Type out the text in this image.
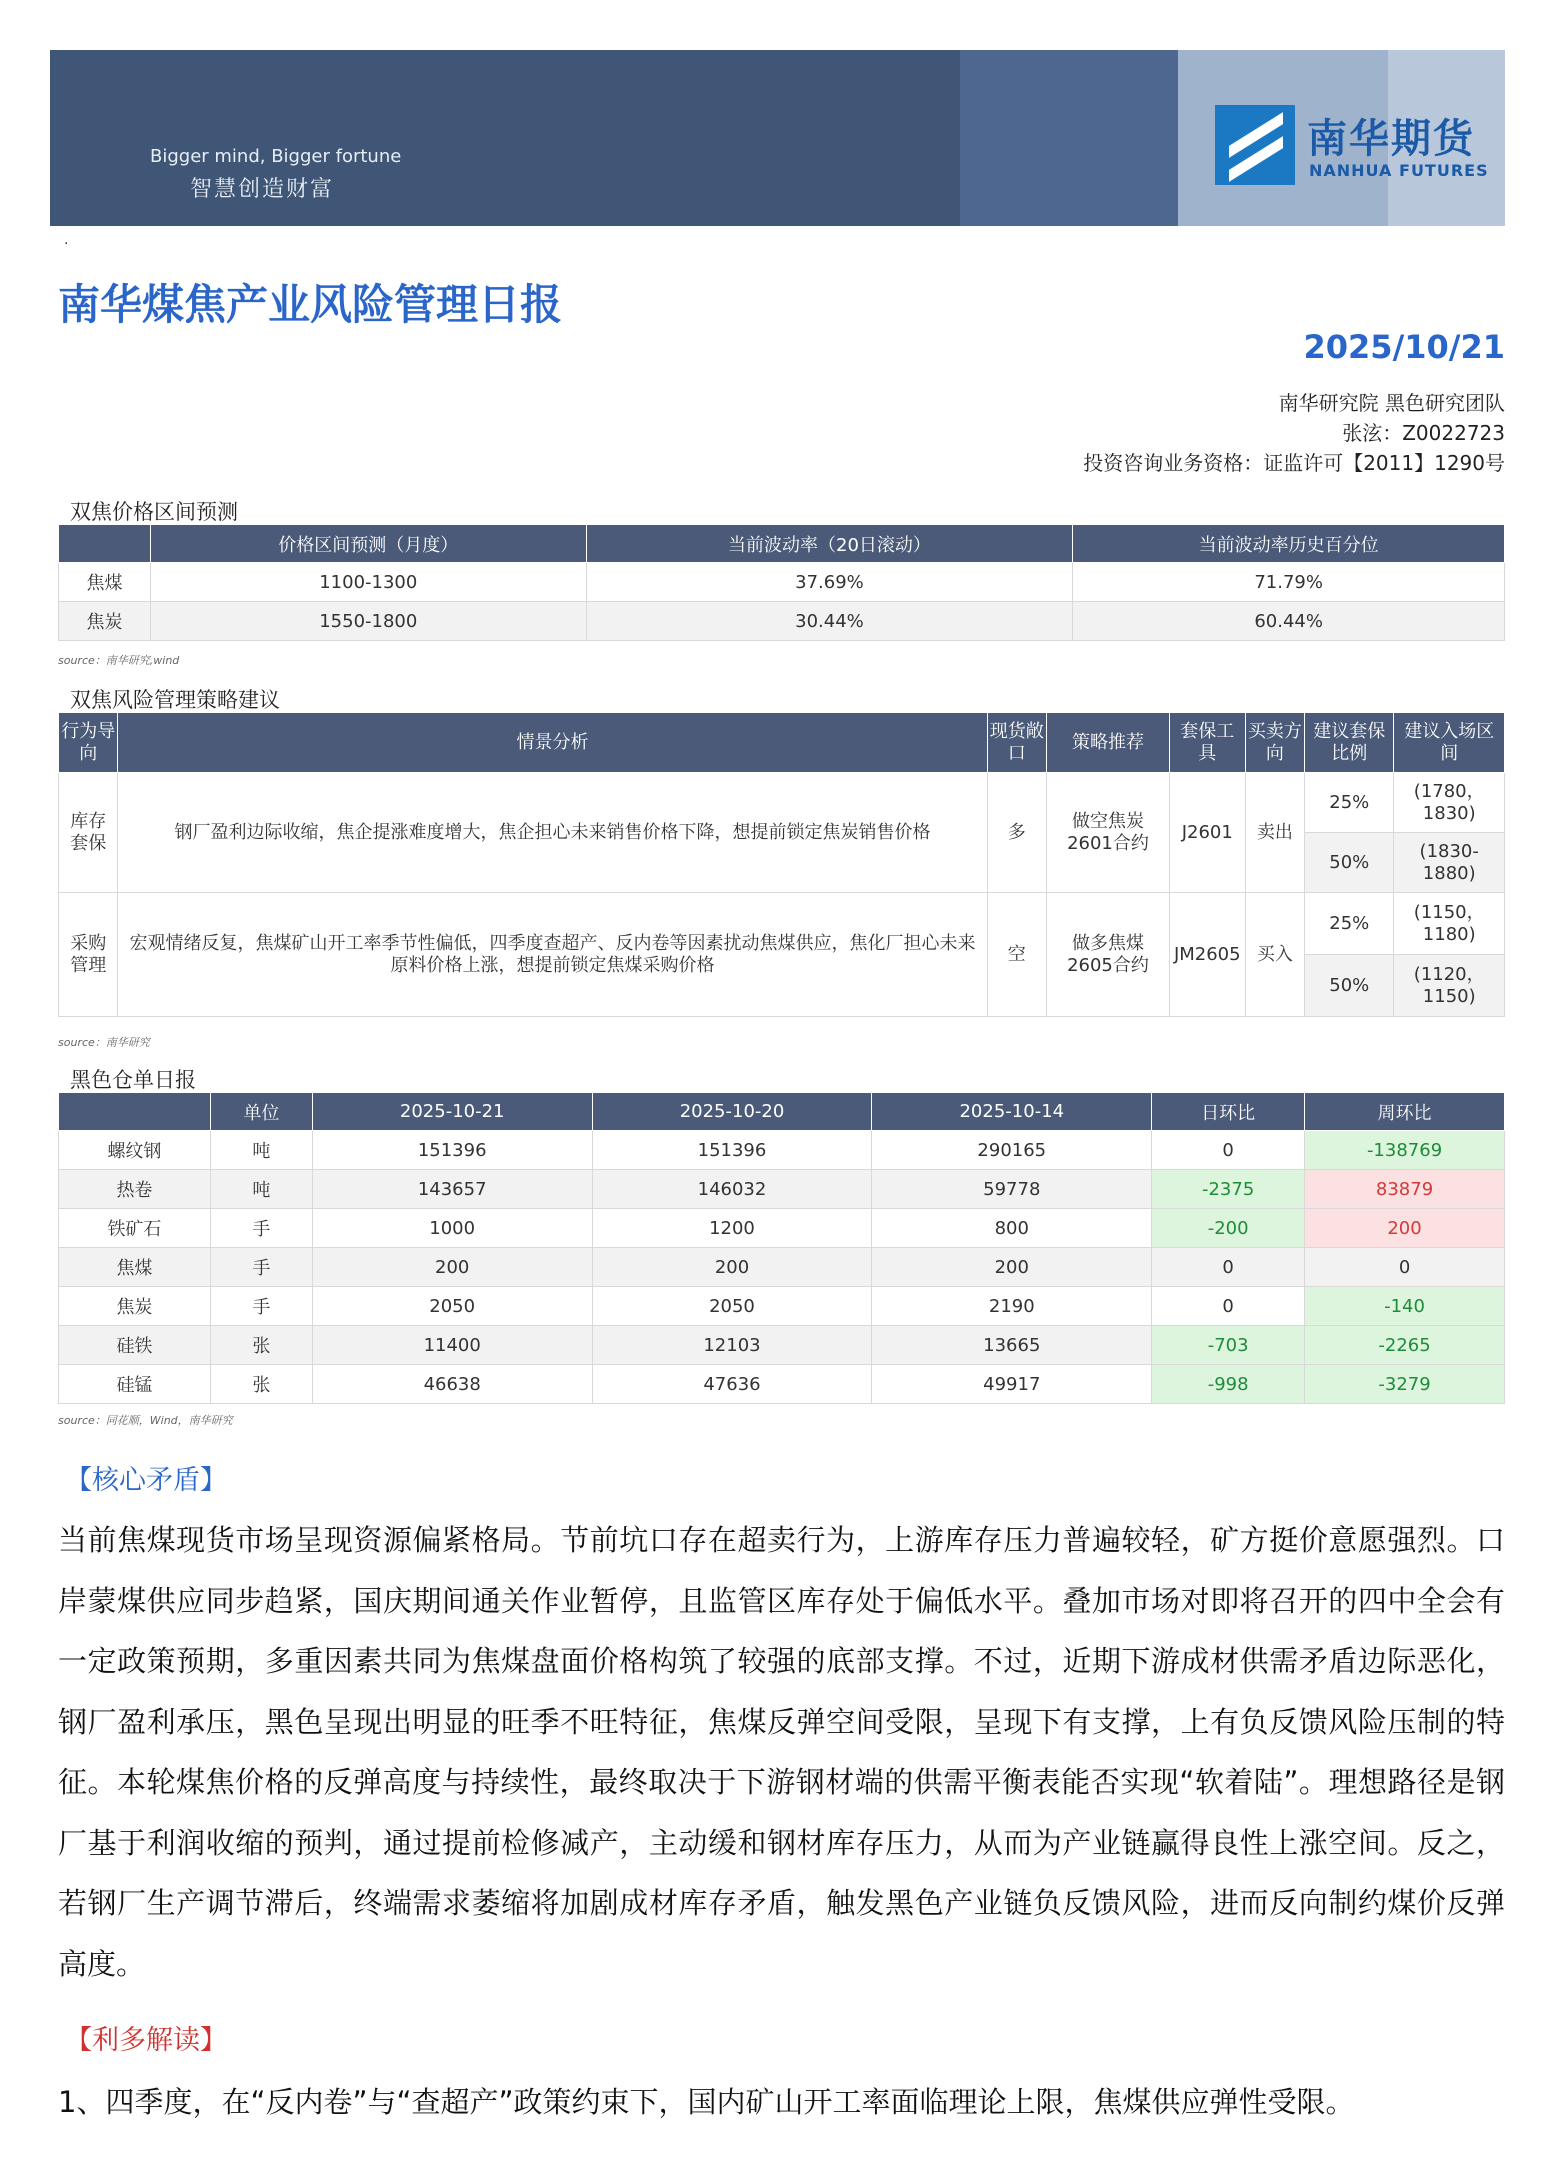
Bigger mind, Bigger fortune
智慧创造财富
南华期货
NANHUA FUTURES
.
南华煤焦产业风险管理日报
2025/10/21
南华研究院 黑色研究团队
张泫：Z0022723
投资咨询业务资格：证监许可【2011】1290号
双焦价格区间预测
	价格区间预测（月度）	当前波动率（20日滚动）	当前波动率历史百分位
焦煤	1100-1300	37.69%	71.79%
焦炭	1550-1800	30.44%	60.44%
source：南华研究,wind
双焦风险管理策略建议
行为导向	情景分析	现货敞口	策略推荐	套保工具	买卖方向	建议套保比例	建议入场区间
库存套保	钢厂盈利边际收缩，焦企提涨难度增大，焦企担心未来销售价格下降，想提前锁定焦炭销售价格	多	做空焦炭2601合约	J2601	卖出	25%	(1780，1830)
						50%	(1830-1880)
采购管理	宏观情绪反复，焦煤矿山开工率季节性偏低，四季度查超产、反内卷等因素扰动焦煤供应，焦化厂担心未来原料价格上涨，想提前锁定焦煤采购价格	空	做多焦煤2605合约	JM2605	买入	25%	(1150，1180)
						50%	(1120，1150)
source：南华研究
黑色仓单日报
	单位	2025-10-21	2025-10-20	2025-10-14	日环比	周环比
螺纹钢	吨	151396	151396	290165	0	-138769
热卷	吨	143657	146032	59778	-2375	83879
铁矿石	手	1000	1200	800	-200	200
焦煤	手	200	200	200	0	0
焦炭	手	2050	2050	2190	0	-140
硅铁	张	11400	12103	13665	-703	-2265
硅锰	张	46638	47636	49917	-998	-3279
source：同花顺，Wind，南华研究
【核心矛盾】
当前焦煤现货市场呈现资源偏紧格局。节前坑口存在超卖行为，上游库存压力普遍较轻，矿方挺价意愿强烈。口岸蒙煤供应同步趋紧，国庆期间通关作业暂停，且监管区库存处于偏低水平。叠加市场对即将召开的四中全会有一定政策预期，多重因素共同为焦煤盘面价格构筑了较强的底部支撑。不过，近期下游成材供需矛盾边际恶化，钢厂盈利承压，黑色呈现出明显的旺季不旺特征，焦煤反弹空间受限，呈现下有支撑，上有负反馈风险压制的特征。本轮煤焦价格的反弹高度与持续性，最终取决于下游钢材端的供需平衡表能否实现“软着陆”。理想路径是钢厂基于利润收缩的预判，通过提前检修减产，主动缓和钢材库存压力，从而为产业链赢得良性上涨空间。反之，若钢厂生产调节滞后，终端需求萎缩将加剧成材库存矛盾，触发黑色产业链负反馈风险，进而反向制约煤价反弹高度。
【利多解读】
1、四季度，在“反内卷”与“查超产”政策约束下，国内矿山开工率面临理论上限，焦煤供应弹性受限。
